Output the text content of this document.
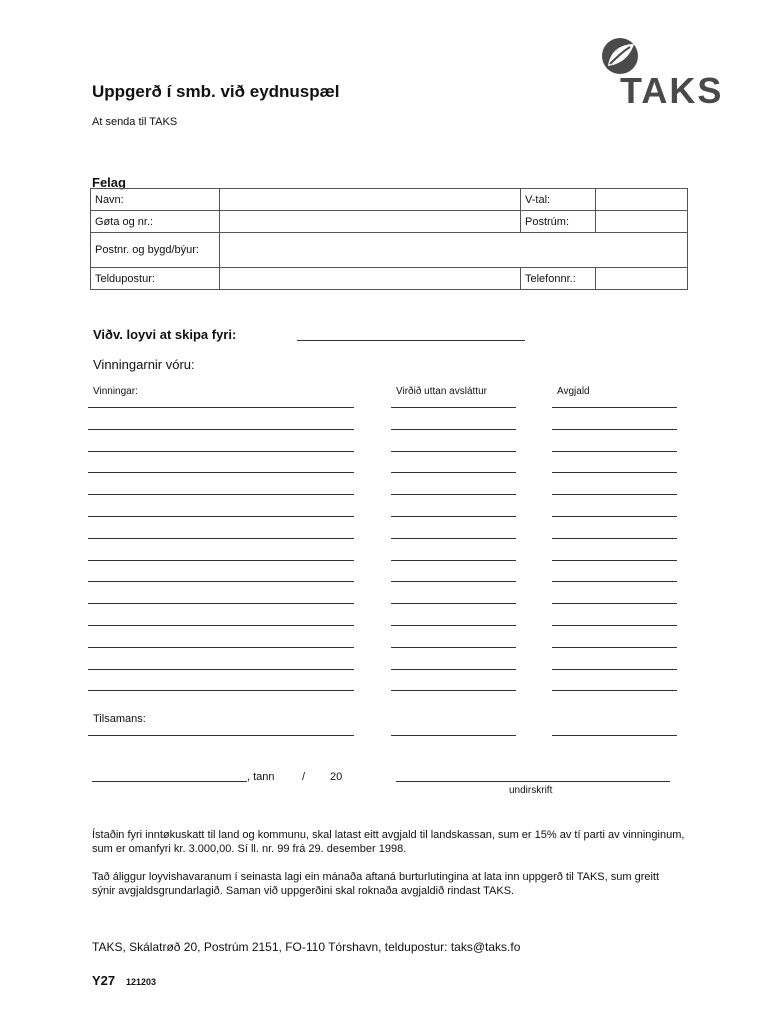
Uppgerð í smb. við eydnuspæl
At senda til TAKS
TAKS
Felag
Navn:		V-tal:	
Gøta og nr.:		Postrúm:	
Postnr. og bygd/býur:			
Teldupostur:		Telefonnr.:	
Viðv. loyvi at skipa fyri:
Vinningarnir vóru:
Vinningar:	Virðið uttan avsláttur	Avgjald
Tilsamans:
, tann / 20
undirskrift
Ístaðin fyri inntøkuskatt til land og kommunu, skal latast eitt avgjald til landskassan, sum er 15% av tí parti av vinninginum, sum er omanfyri kr. 3.000,00. Sí ll. nr. 99 frá 29. desember 1998.
Tað áliggur loyvishavaranum í seinasta lagi ein mánaða aftaná burturlutingina at lata inn uppgerð til TAKS, sum greitt sýnir avgjaldsgrundarlagið. Saman við uppgerðini skal roknaða avgjaldið rindast TAKS.
TAKS, Skálatrøð 20, Postrúm 2151, FO-110 Tórshavn, teldupostur: taks@taks.fo
Y27 121203
